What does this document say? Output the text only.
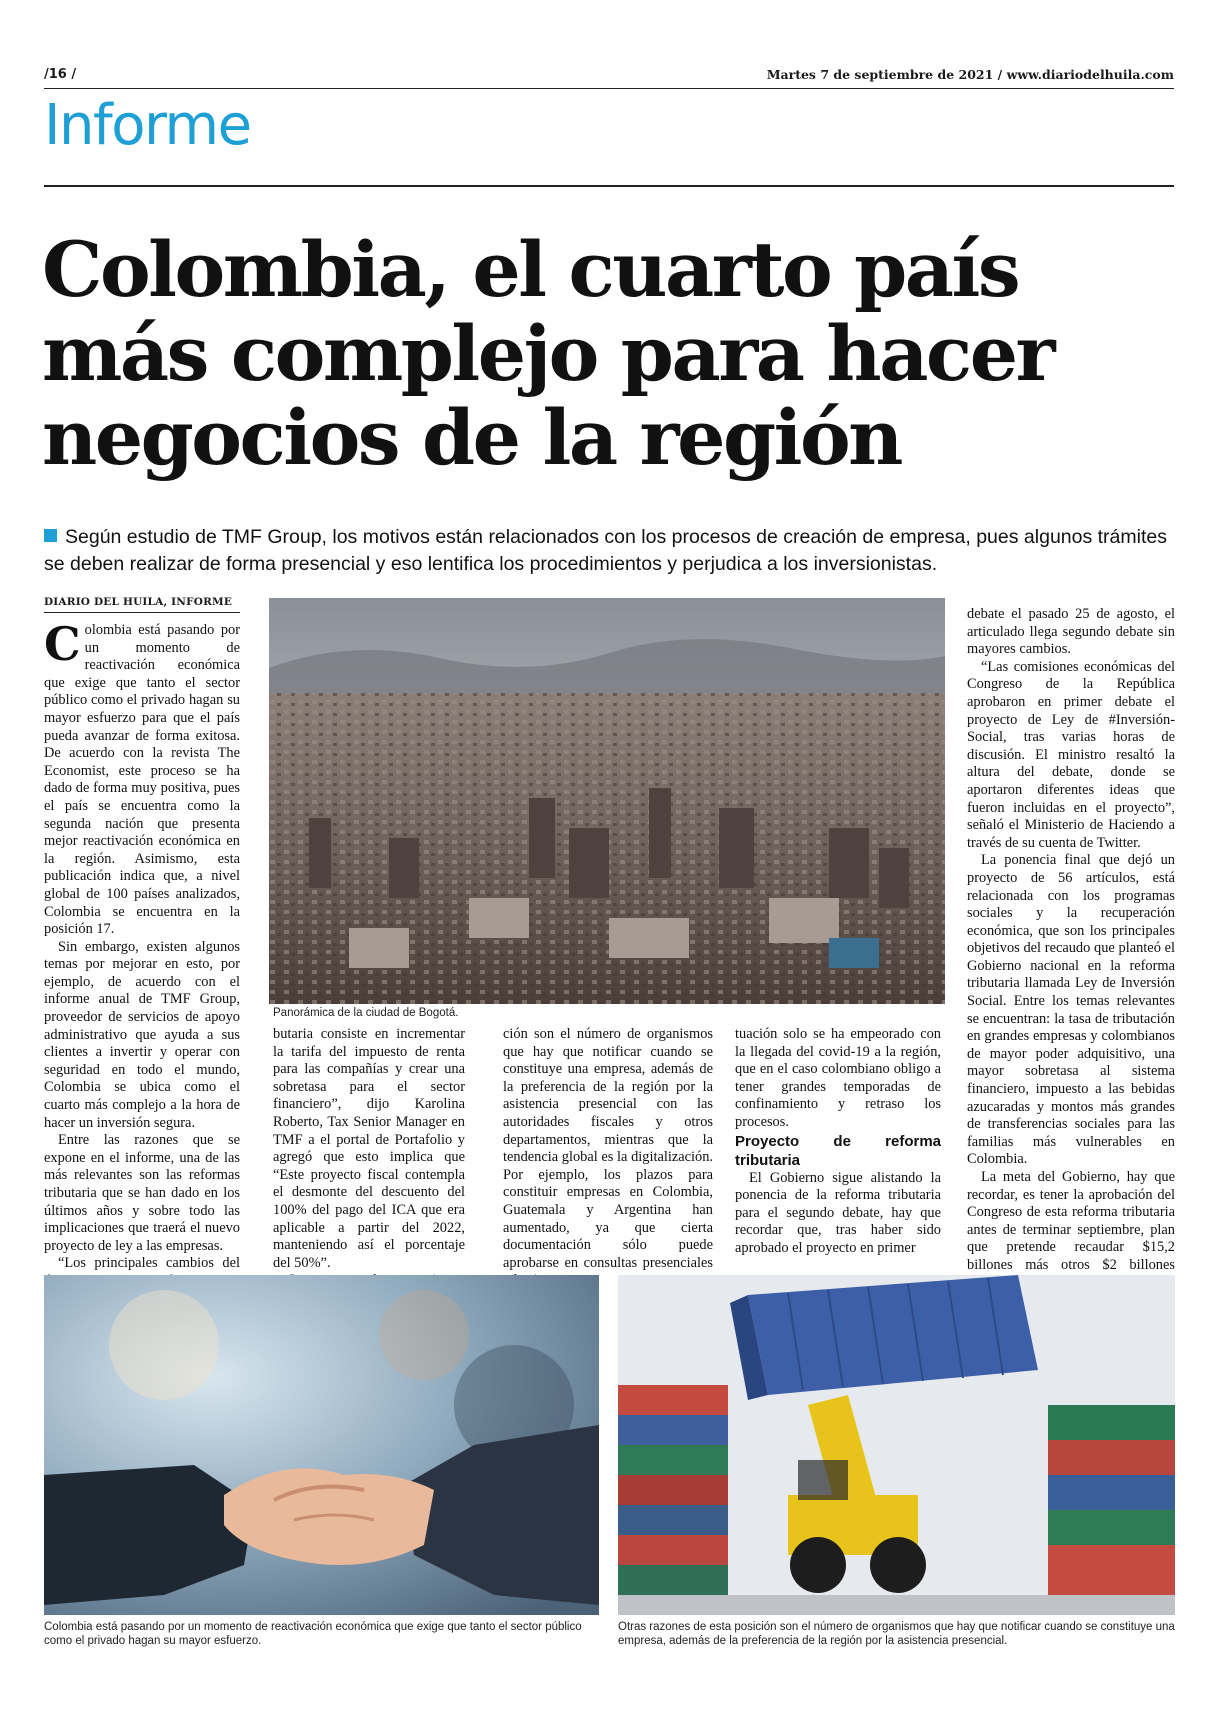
/16 /	Martes 7 de septiembre de 2021 / www.diariodelhuila.com
Informe
Colombia, el cuarto país
más complejo para hacer
negocios de la región
Según estudio de TMF Group, los motivos están relacionados con los procesos de creación de empresa, pues algunos trámites se deben realizar de forma presencial y eso lentifica los procedimientos y perjudica a los inversionistas.
DIARIO DEL HUILA, INFORME

Colombia está pasando por un momento de reactivación económica que exige que tanto el sector público como el privado hagan su mayor esfuerzo para que el país pueda avanzar de forma exitosa. De acuerdo con la revista The Economist, este proceso se ha dado de forma muy positiva, pues el país se encuentra como la segunda nación que presenta mejor reactivación económica en la región. Asimismo, esta publicación indica que, a nivel global de 100 países analizados, Colombia se encuentra en la posición 17.

Sin embargo, existen algunos temas por mejorar en esto, por ejemplo, de acuerdo con el informe anual de TMF Group, proveedor de servicios de apoyo administrativo que ayuda a sus clientes a invertir y operar con seguridad en todo el mundo, Colombia se ubica como el cuarto más complejo a la hora de hacer un inversión segura.

Entre las razones que se expone en el informe, una de las más relevantes son las reformas tributaria que se han dado en los últimos años y sobre todo las implicaciones que traerá el nuevo proyecto de ley a las empresas.

“Los principales cambios del

Panorámica de la ciudad de Bogotá.

butaria consiste en incrementar la tarifa del impuesto de renta para las compañías y crear una sobretasa para el sector financiero”, dijo Karolina Roberto, Tax Senior Manager en TMF a el portal de Portafolio y agregó que esto implica que “Este proyecto fiscal contempla el desmonte del descuento del 100% del pago del ICA que era aplicable a partir del 2022, manteniendo así el porcentaje del 50%”.

ción son el número de organismos que hay que notificar cuando se constituye una empresa, además de la preferencia de la región por la asistencia presencial con las autoridades fiscales y otros departamentos, mientras que la tendencia global es la digitalización. Por ejemplo, los plazos para constituir empresas en Colombia, Guatemala y Argentina han aumentado, ya que cierta documentación sólo puede aprobarse en consultas presenciales

tuación solo se ha empeorado con la llegada del covid-19 a la región, que en el caso colombiano obligo a tener grandes temporadas de confinamiento y retraso los procesos.

Proyecto de reforma tributaria

El Gobierno sigue alistando la ponencia de la reforma tributaria para el segundo debate, hay que recordar que, tras haber sido aprobado el proyecto en primer

debate el pasado 25 de agosto, el articulado llega segundo debate sin mayores cambios.

“Las comisiones económicas del Congreso de la República aprobaron en primer debate el proyecto de Ley de #Inversión-Social, tras varias horas de discusión. El ministro resaltó la altura del debate, donde se aportaron diferentes ideas que fueron incluidas en el proyecto”, señaló el Ministerio de Haciendo a través de su cuenta de Twitter.

La ponencia final que dejó un proyecto de 56 artículos, está relacionada con los programas sociales y la recuperación económica, que son los principales objetivos del recaudo que planteó el Gobierno nacional en la reforma tributaria llamada Ley de Inversión Social. Entre los temas relevantes se encuentran: la tasa de tributación en grandes empresas y colombianos de mayor poder adquisitivo, una mayor sobretasa al sistema financiero, impuesto a las bebidas azucaradas y montos más grandes de transferencias sociales para las familias más vulnerables en Colombia.

La meta del Gobierno, hay que recordar, es tener la aprobación del Congreso de esta reforma tributaria antes de terminar septiembre, plan que pretende recaudar $15,2 billones más otros $2 billones

Colombia está pasando por un momento de reactivación económica que exige que tanto el sector público como el privado hagan su mayor esfuerzo.
Otras razones de esta posición son el número de organismos que hay que notificar cuando se constituye una empresa, además de la preferencia de la región por la asistencia presencial.
